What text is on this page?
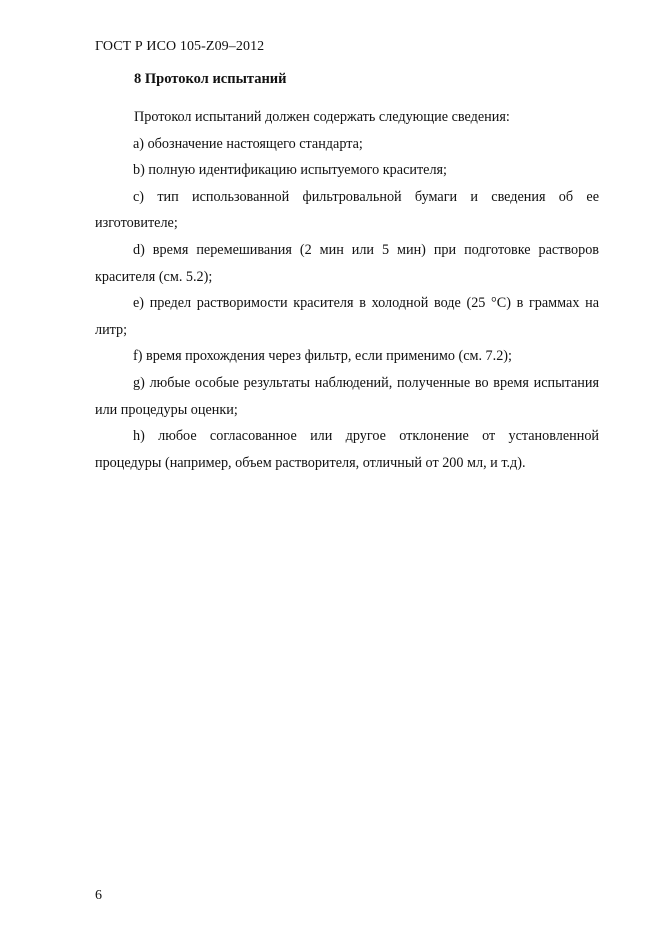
ГОСТ Р ИСО 105-Z09–2012
8 Протокол испытаний

Протокол испытаний должен содержать следующие сведения:

a) обозначение настоящего стандарта;

b) полную идентификацию испытуемого красителя;

c) тип использованной фильтровальной бумаги и сведения об ее изготовителе;

d) время перемешивания (2 мин или 5 мин) при подготовке растворов красителя (см. 5.2);

e) предел растворимости красителя в холодной воде (25 °С) в граммах на литр;

f) время прохождения через фильтр, если применимо (см. 7.2);

g) любые особые результаты наблюдений, полученные во время испытания или процедуры оценки;

h) любое согласованное или другое отклонение от установленной процедуры (например, объем растворителя, отличный от 200 мл, и т.д).

6
